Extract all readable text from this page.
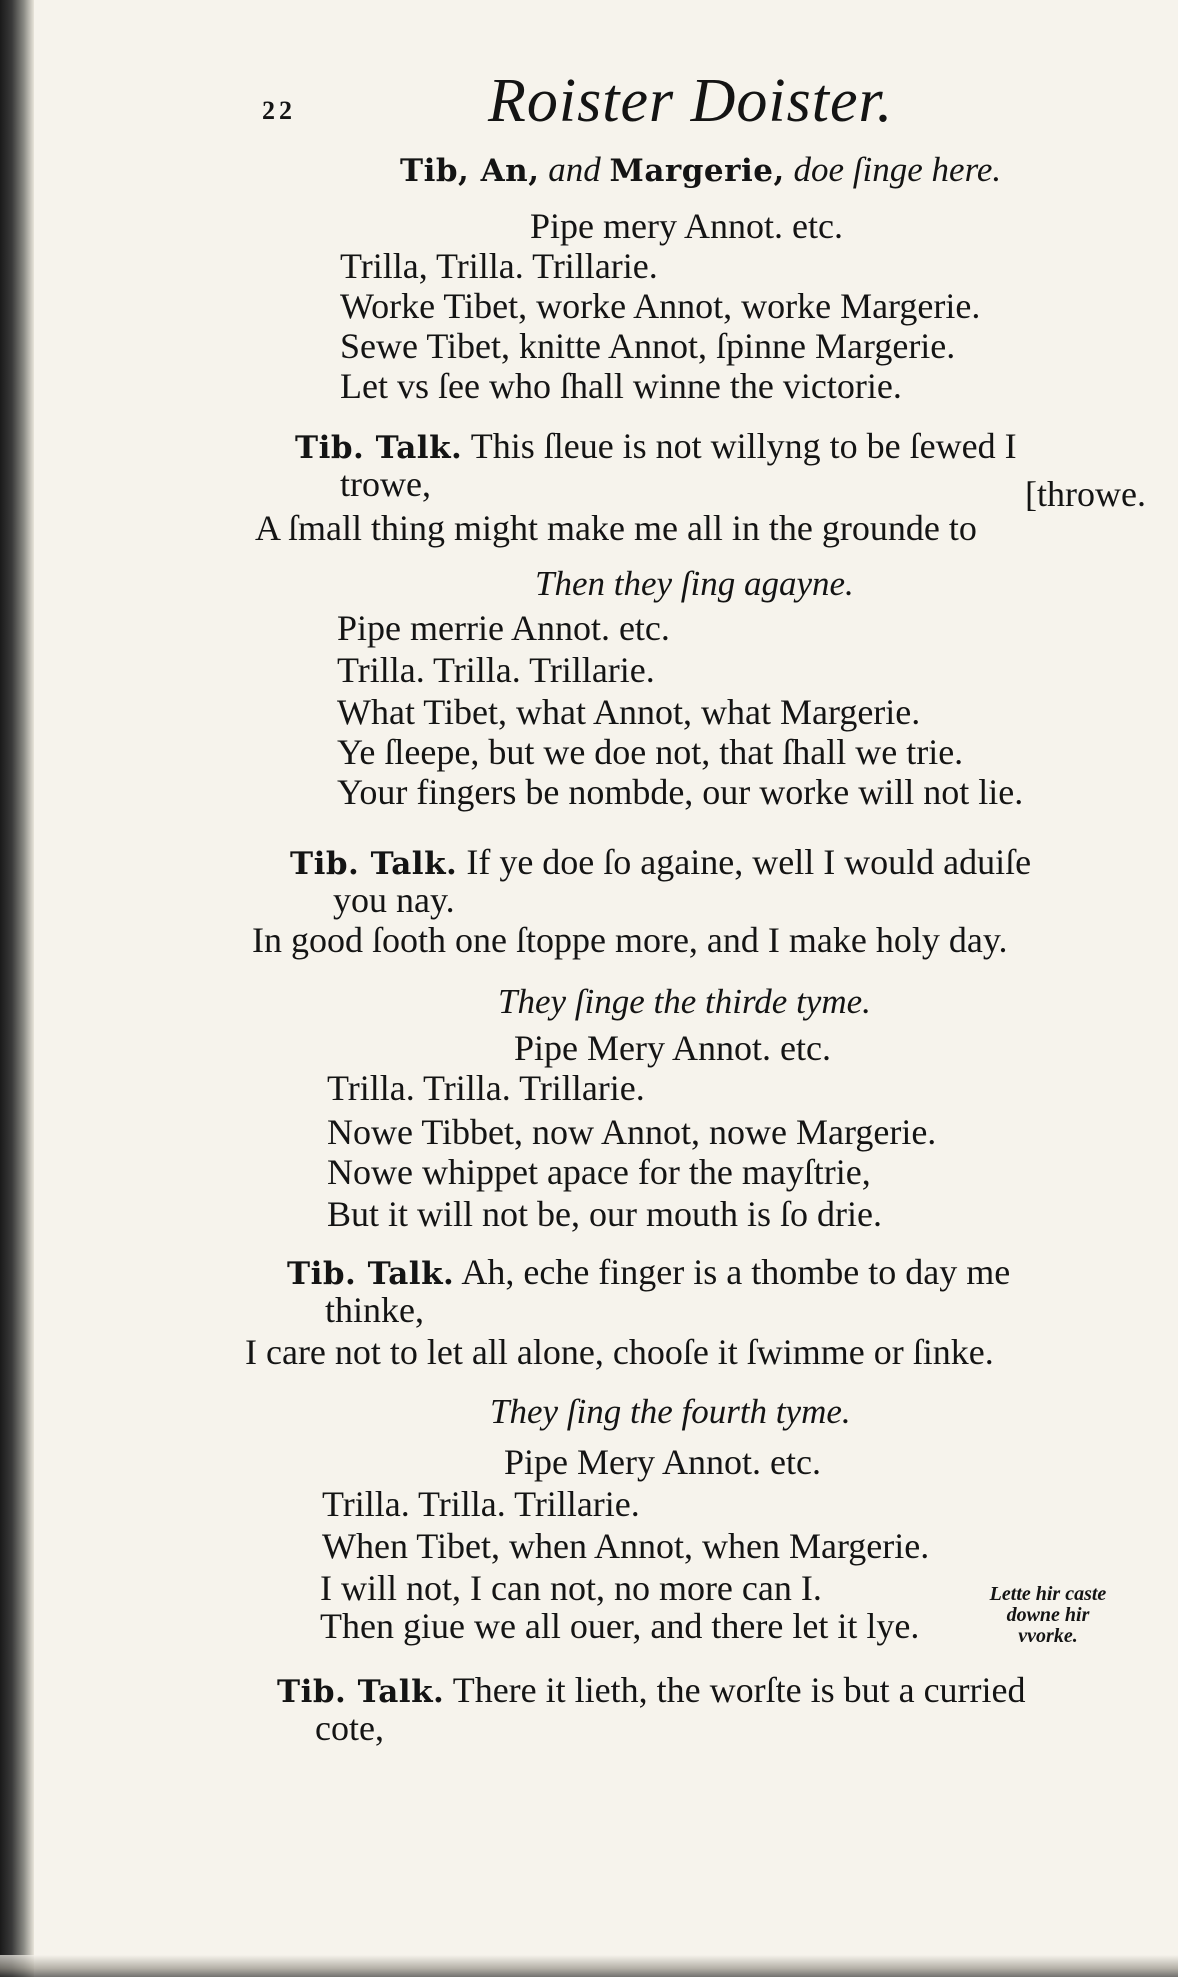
22	Roister Doister.
Tib, An, and Margerie, doe ſinge here.
Pipe mery Annot. etc.
Trilla, Trilla. Trillarie.
Worke Tibet, worke Annot, worke Margerie.
Sewe Tibet, knitte Annot, ſpinne Margerie.
Let vs ſee who ſhall winne the victorie.
Tib. Talk. This ſleue is not willyng to be ſewed I
trowe,	[throwe.
A ſmall thing might make me all in the grounde to
Then they ſing agayne.
Pipe merrie Annot. etc.
Trilla. Trilla. Trillarie.
What Tibet, what Annot, what Margerie.
Ye ſleepe, but we doe not, that ſhall we trie.
Your fingers be nombde, our worke will not lie.
Tib. Talk. If ye doe ſo againe, well I would aduiſe
you nay.
In good ſooth one ſtoppe more, and I make holy day.
They ſinge the thirde tyme.
Pipe Mery Annot. etc.
Trilla. Trilla. Trillarie.
Nowe Tibbet, now Annot, nowe Margerie.
Nowe whippet apace for the mayſtrie,
But it will not be, our mouth is ſo drie.
Tib. Talk. Ah, eche finger is a thombe to day me
thinke,
I care not to let all alone, chooſe it ſwimme or ſinke.
They ſing the fourth tyme.
Pipe Mery Annot. etc.
Trilla. Trilla. Trillarie.
When Tibet, when Annot, when Margerie.
I will not, I can not, no more can I.
Then giue we all ouer, and there let it lye.
Lette hir caste
downe hir
vvorke.
Tib. Talk. There it lieth, the worſte is but a curried
cote,
